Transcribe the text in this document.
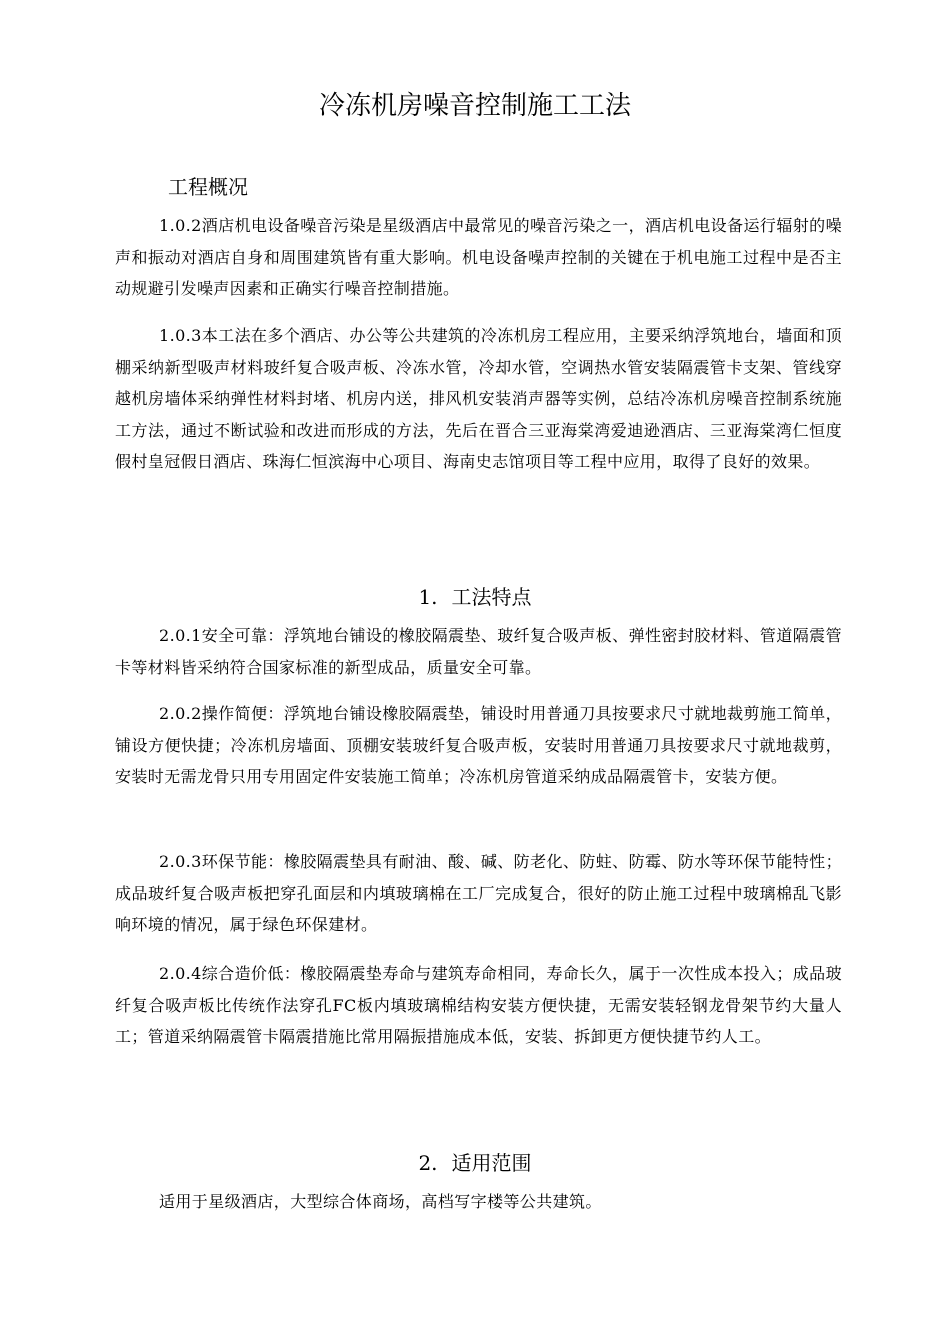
冷冻机房噪音控制施工工法
工程概况

1.0.2酒店机电设备噪音污染是星级酒店中最常见的噪音污染之一，酒店机电设备运行辐射的噪声和振动对酒店自身和周围建筑皆有重大影响。机电设备噪声控制的关键在于机电施工过程中是否主动规避引发噪声因素和正确实行噪音控制措施。

1.0.3本工法在多个酒店、办公等公共建筑的冷冻机房工程应用，主要采纳浮筑地台，墙面和顶棚采纳新型吸声材料玻纤复合吸声板、冷冻水管，冷却水管，空调热水管安装隔震管卡支架、管线穿越机房墙体采纳弹性材料封堵、机房内送，排风机安装消声器等实例，总结冷冻机房噪音控制系统施工方法，通过不断试验和改进而形成的方法，先后在晋合三亚海棠湾爱迪逊酒店、三亚海棠湾仁恒度假村皇冠假日酒店、珠海仁恒滨海中心项目、海南史志馆项目等工程中应用，取得了良好的效果。

1. 工法特点

2.0.1安全可靠：浮筑地台铺设的橡胶隔震垫、玻纤复合吸声板、弹性密封胶材料、管道隔震管卡等材料皆采纳符合国家标准的新型成品，质量安全可靠。

2.0.2操作简便：浮筑地台铺设橡胶隔震垫，铺设时用普通刀具按要求尺寸就地裁剪施工简单，铺设方便快捷；冷冻机房墙面、顶棚安装玻纤复合吸声板，安装时用普通刀具按要求尺寸就地裁剪，安装时无需龙骨只用专用固定件安装施工简单；冷冻机房管道采纳成品隔震管卡，安装方便。

2.0.3环保节能：橡胶隔震垫具有耐油、酸、碱、防老化、防蛀、防霉、防水等环保节能特性；成品玻纤复合吸声板把穿孔面层和内填玻璃棉在工厂完成复合，很好的防止施工过程中玻璃棉乱飞影响环境的情况，属于绿色环保建材。

2.0.4综合造价低：橡胶隔震垫寿命与建筑寿命相同，寿命长久，属于一次性成本投入；成品玻纤复合吸声板比传统作法穿孔FC板内填玻璃棉结构安装方便快捷，无需安装轻钢龙骨架节约大量人工；管道采纳隔震管卡隔震措施比常用隔振措施成本低，安装、拆卸更方便快捷节约人工。

2. 适用范围

适用于星级酒店，大型综合体商场，高档写字楼等公共建筑。
